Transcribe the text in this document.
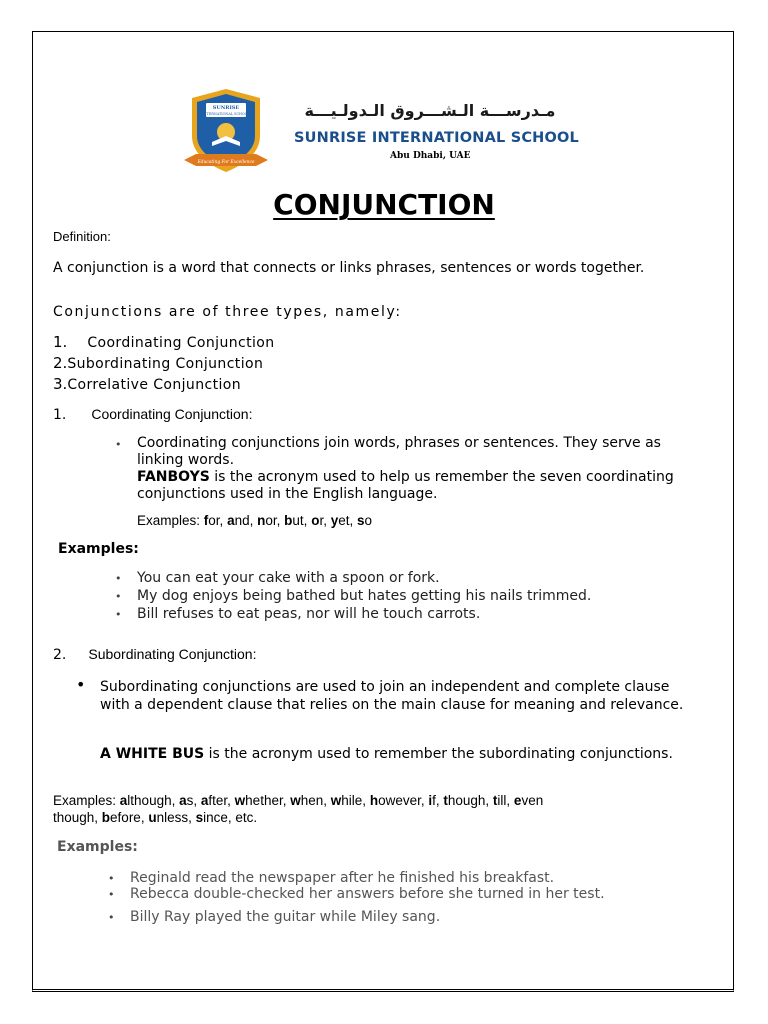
SUNRISE
INTERNATIONAL SCHOOL
Educating For Excellence
مـدرســـة الـشـــروق الـدولـيـــة
SUNRISE INTERNATIONAL SCHOOL
Abu Dhabi, UAE
CONJUNCTION
Definition:
A conjunction is a word that connects or links phrases, sentences or words together.
Conjunctions are of three types, namely:
1. Coordinating Conjunction
2.Subordinating Conjunction
3.Correlative Conjunction
1. Coordinating Conjunction:
• Coordinating conjunctions join words, phrases or sentences. They serve as linking words.
FANBOYS is the acronym used to help us remember the seven coordinating conjunctions used in the English language.
Examples: for, and, nor, but, or, yet, so
Examples:
• You can eat your cake with a spoon or fork.
• My dog enjoys being bathed but hates getting his nails trimmed.
• Bill refuses to eat peas, nor will he touch carrots.
2. Subordinating Conjunction:
• Subordinating conjunctions are used to join an independent and complete clause with a dependent clause that relies on the main clause for meaning and relevance.
A WHITE BUS is the acronym used to remember the subordinating conjunctions.
Examples: although, as, after, whether, when, while, however, if, though, till, even
though, before, unless, since, etc.
Examples:
• Reginald read the newspaper after he finished his breakfast.
• Rebecca double-checked her answers before she turned in her test.
• Billy Ray played the guitar while Miley sang.
